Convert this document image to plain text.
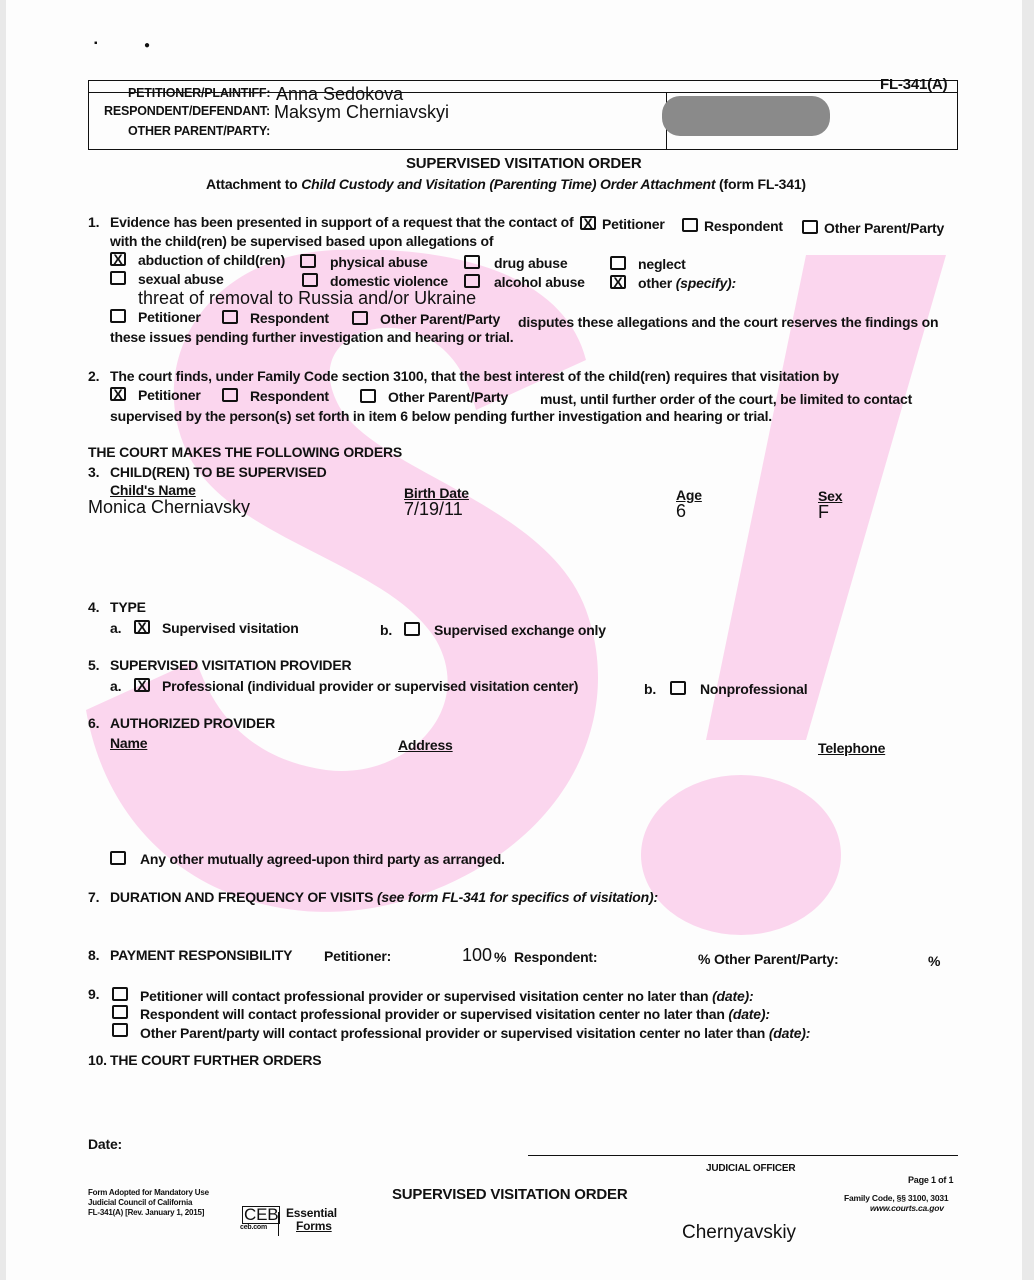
▪	●
FL-341(A)
PETITIONER/PLAINTIFF: Anna Sedokova
RESPONDENT/DEFENDANT: Maksym Cherniavskyi
OTHER PARENT/PARTY:
SUPERVISED VISITATION ORDER
Attachment to Child Custody and Visitation (Parenting Time) Order Attachment (form FL-341)
1. Evidence has been presented in support of a request that the contact of X Petitioner	Respondent	Other Parent/Party
with the child(ren) be supervised based upon allegations of
X abduction of child(ren)	physical abuse	drug abuse	neglect
sexual abuse	domestic violence	alcohol abuse X other (specify):
threat of removal to Russia and/or Ukraine
Petitioner	Respondent	Other Parent/Party disputes these allegations and the court reserves the findings on
these issues pending further investigation and hearing or trial.
2. The court finds, under Family Code section 3100, that the best interest of the child(ren) requires that visitation by
X Petitioner	Respondent	Other Parent/Party must, until further order of the court, be limited to contact
supervised by the person(s) set forth in item 6 below pending further investigation and hearing or trial.
THE COURT MAKES THE FOLLOWING ORDERS
3. CHILD(REN) TO BE SUPERVISED
Child's Name	Birth Date	Age	Sex
Monica Cherniavsky	7/19/11	6	F
4. TYPE
a. X Supervised visitation	b.	Supervised exchange only
5. SUPERVISED VISITATION PROVIDER
a. X Professional (individual provider or supervised visitation center)	b.	Nonprofessional
6. AUTHORIZED PROVIDER
Name	Address	Telephone
Any other mutually agreed-upon third party as arranged.
7. DURATION AND FREQUENCY OF VISITS (see form FL-341 for specifics of visitation):
8. PAYMENT RESPONSIBILITY Petitioner:	100 % Respondent:	% Other Parent/Party:	%
9.	Petitioner will contact professional provider or supervised visitation center no later than (date):
Respondent will contact professional provider or supervised visitation center no later than (date):
Other Parent/party will contact professional provider or supervised visitation center no later than (date):
10. THE COURT FURTHER ORDERS
Date:
JUDICIAL OFFICER
Page 1 of 1
Form Adopted for Mandatory Use
Judicial Council of California
FL-341(A) [Rev. January 1, 2015] CEB
ceb.com
Essential
Forms
SUPERVISED VISITATION ORDER	Family Code, §§ 3100, 3031
www.courts.ca.gov
Chernyavskiy
